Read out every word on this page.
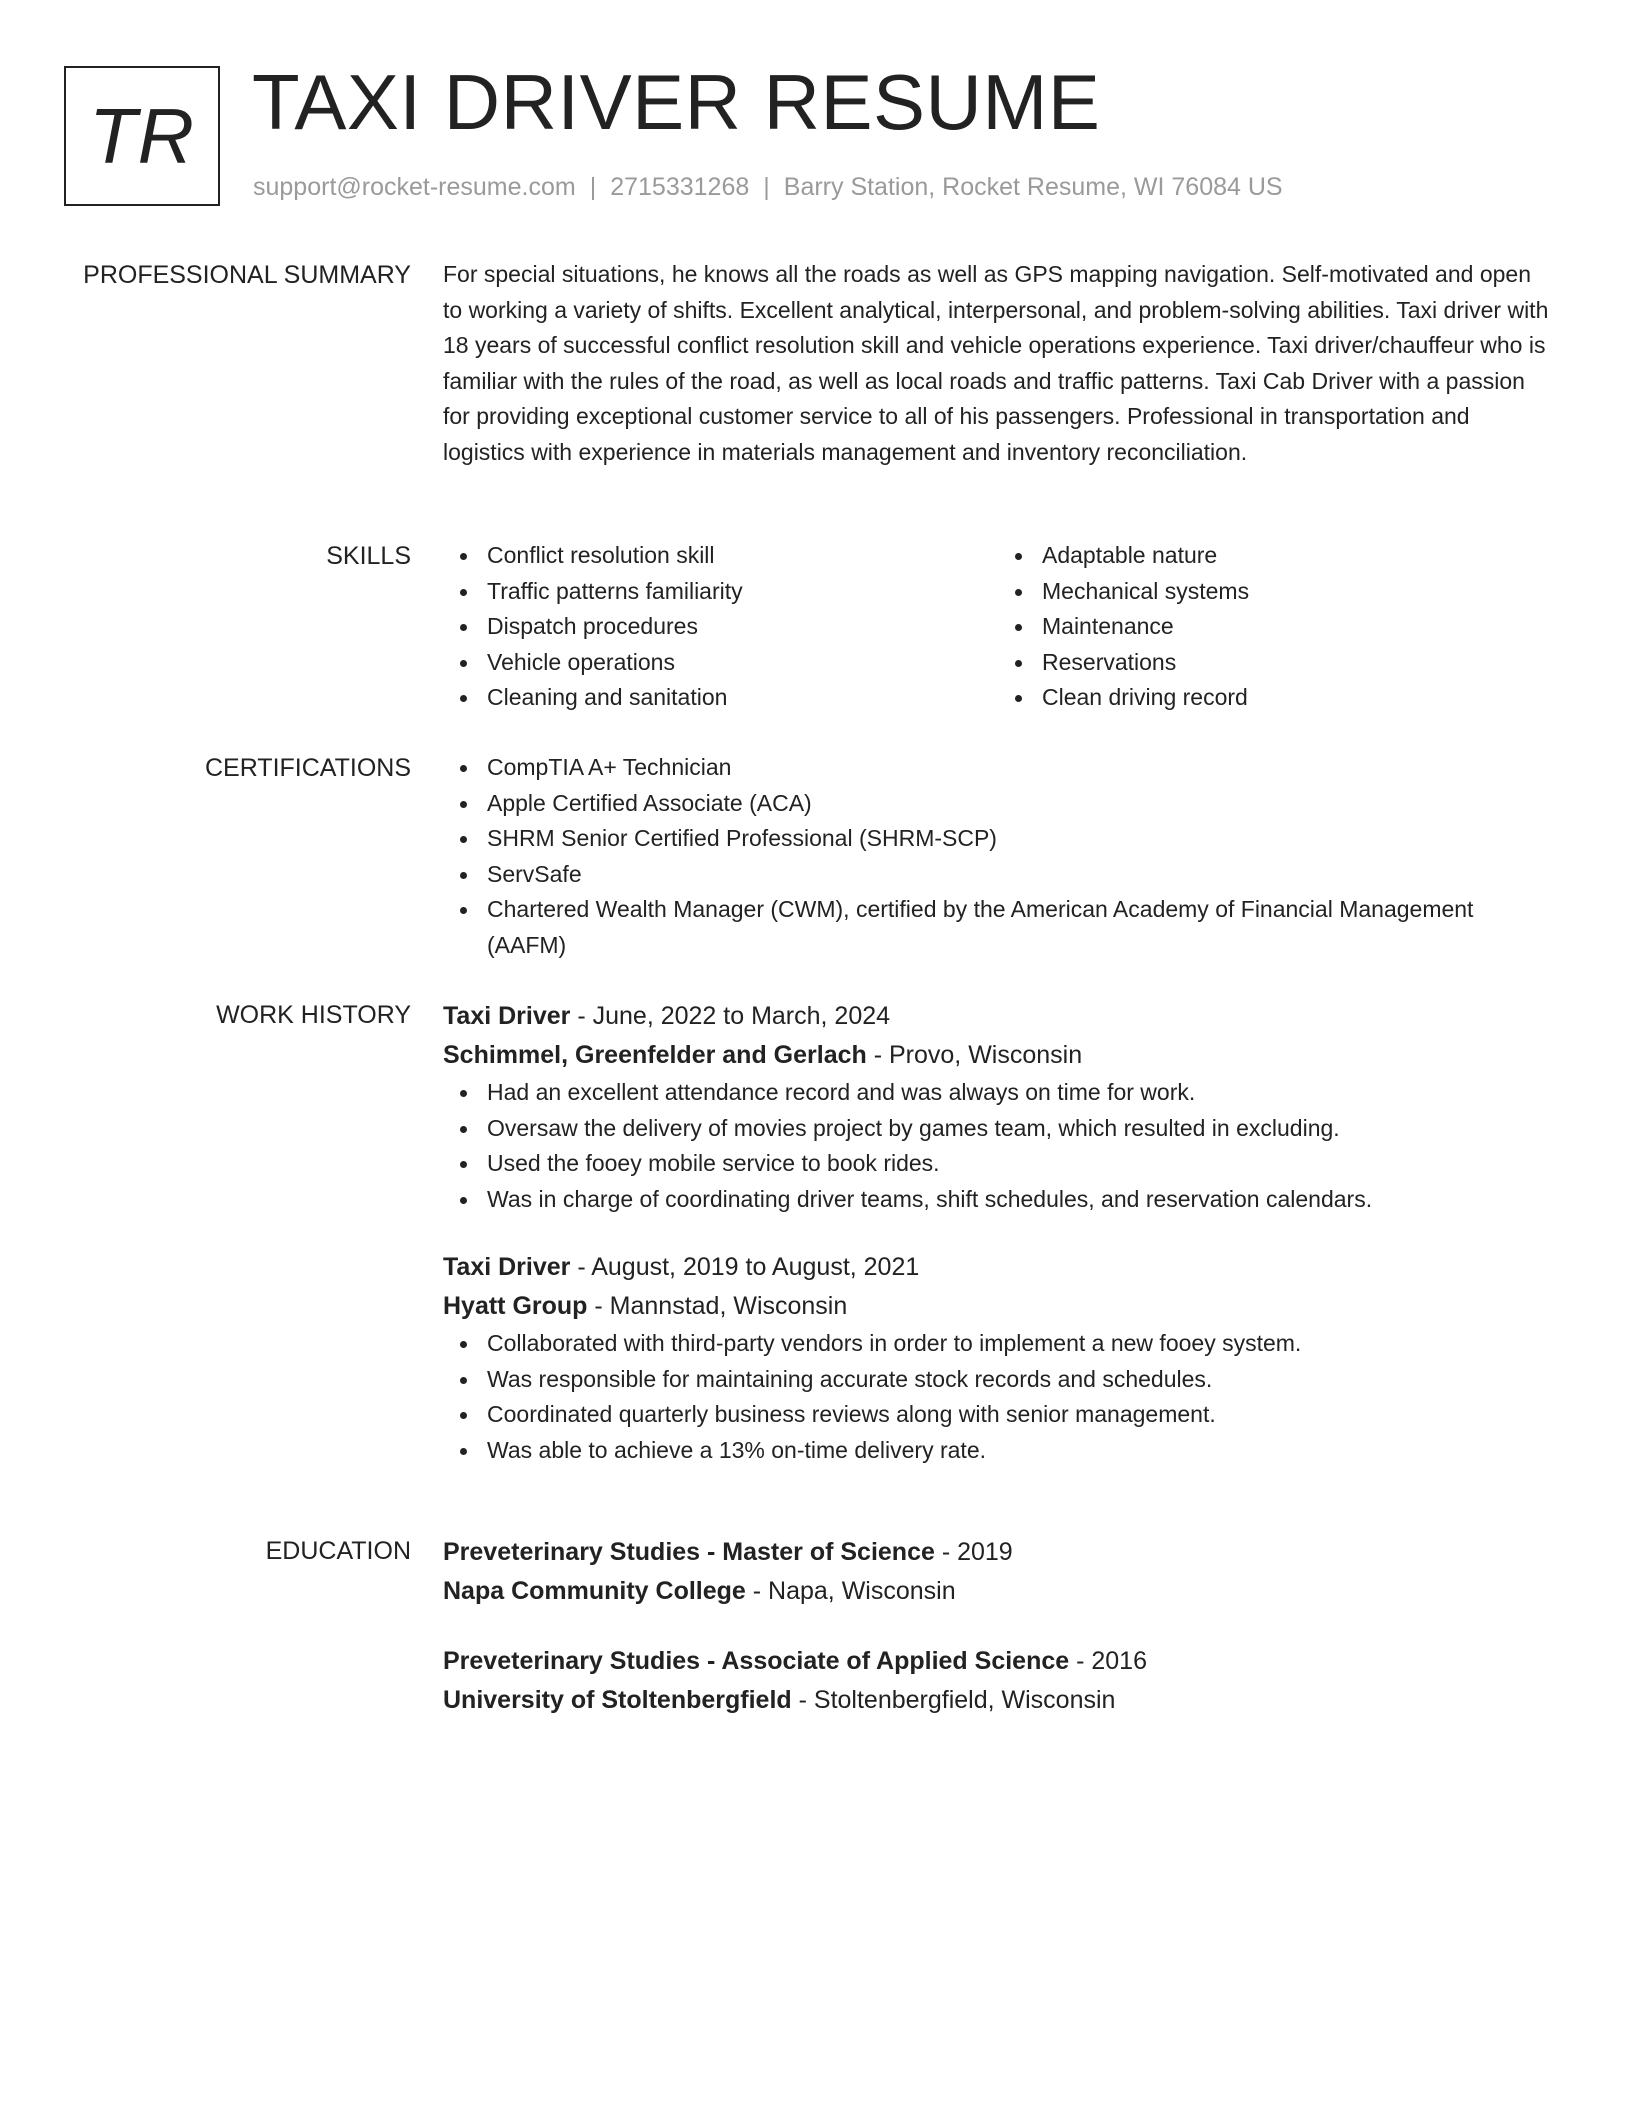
TR TAXI DRIVER RESUME
support@rocket-resume.com | 2715331268 | Barry Station, Rocket Resume, WI 76084 US
PROFESSIONAL SUMMARY For special situations, he knows all the roads as well as GPS mapping navigation. Self-motivated and open to working a variety of shifts. Excellent analytical, interpersonal, and problem-solving abilities. Taxi driver with 18 years of successful conflict resolution skill and vehicle operations experience. Taxi driver/chauffeur who is familiar with the rules of the road, as well as local roads and traffic patterns. Taxi Cab Driver with a passion for providing exceptional customer service to all of his passengers. Professional in transportation and logistics with experience in materials management and inventory reconciliation.

SKILLS	Conflict resolution skill
Traffic patterns familiarity
Dispatch procedures
Vehicle operations
Cleaning and sanitation
Adaptable nature
Mechanical systems
Maintenance
Reservations
Clean driving record
CERTIFICATIONS	CompTIA A+ Technician
Apple Certified Associate (ACA)
SHRM Senior Certified Professional (SHRM-SCP)
ServSafe
Chartered Wealth Manager (CWM), certified by the American Academy of Financial Management (AAFM)
WORK HISTORY Taxi Driver - June, 2022 to March, 2024
Schimmel, Greenfelder and Gerlach - Provo, Wisconsin
Had an excellent attendance record and was always on time for work.
Oversaw the delivery of movies project by games team, which resulted in excluding.
Used the fooey mobile service to book rides.
Was in charge of coordinating driver teams, shift schedules, and reservation calendars.
Taxi Driver - August, 2019 to August, 2021
Hyatt Group - Mannstad, Wisconsin
Collaborated with third-party vendors in order to implement a new fooey system.
Was responsible for maintaining accurate stock records and schedules.
Coordinated quarterly business reviews along with senior management.
Was able to achieve a 13% on-time delivery rate.
EDUCATION Preveterinary Studies - Master of Science - 2019
Napa Community College - Napa, Wisconsin
Preveterinary Studies - Associate of Applied Science - 2016
University of Stoltenbergfield - Stoltenbergfield, Wisconsin
